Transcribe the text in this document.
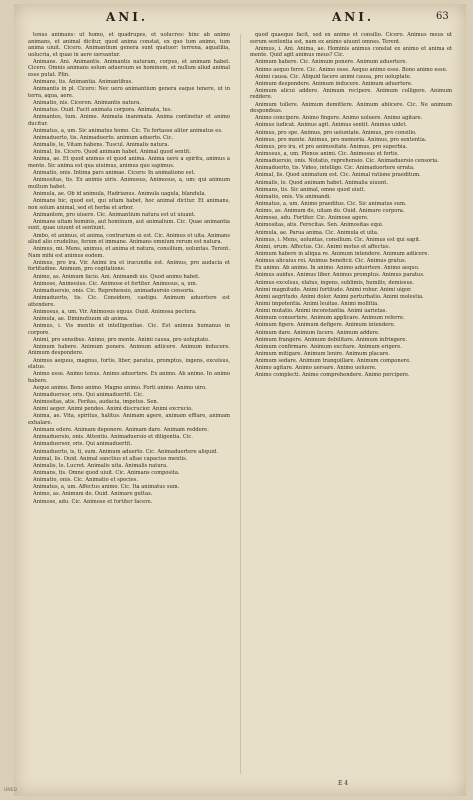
ANI.	ANI.	63

tenus animans: ut homo, et quadrupes, et uolucres: hinc ab animo animans, et animal dicitur, quod anima constat, ex quo tum animo, tum anima uiuit. Cicero. Animantium genera sunt quatuor: terrena, aquatilia, uolucria, et quae in aere uersantur.

Animans. Ani. Animantis. Animantis naturam, corpus, et animam habet. Cicero. Omnis animans solum aduersum se hominem, et nullum aliud animal esse putat. Plin.

Animans, tis. Animantia. Animantibus.

Animantis in pl. Cicero: Nec uero animantium genera eaque tenere, ut in terra, aqua, aere.

Animatio, nis. Ciceron. Animantis natura.

Animatus. Ouid. Facit animata corpora. Animata, tus.

Animantes, tum. Anime. Animata inanimata. Anima continetur et animo ducitur.

Animatus, a, um. Sic animatus homo. Cic. Tu fortasse aliter animatus es.

Animaduerto, tis. Animaduerto. animum aduerto. Cic.

Animalis, le, Vitam habens. Tuscul. Animalis natura.

Animal, lis. Cicero. Quod animam habet. Animal quod sentit.

Anima, ae. Et quod animus et quod anima. Anima uero a spiritu, animus a mente. Sic anima est qua uiuimus, animus quo sapimus.

Animatio, onis. Intima pars animae. Cicero: In animatione est.

Animositas, tis. Ex animis uiris. Animosus, Animosus, a, um: qui animum multum habet.

Animula, ae. Ob id animula, Hadrianus. Animula uagula, blandula.

Animans hic, quod est, qui uitam habet, hoc animal dicitur. Et animans, non solum animal, sed et herba et arbor.

Animantem, pro uiuere. Cic. Animantium natura est ut uiuant.

Animans uitam hominis, aut hominum, aut animalium. Cic. Quae animantia sunt, quae uiuunt et sentiunt.

Ambo, et animus, et anima, contrarium ei est. Cic. Animus et uita. Animans aliud alio crudelius, ferum et immane. Animans omnium rerum est natura.

Animus, mi. Mens, animus, et anima et natura, consilium, uoluntas. Terent. Nam mihi est animus eodem.

Animus, pro ira. Vir. Animi ira et iracundia est. Animus, pro audacia et fortitudine. Animum, pro cogitatione.

Animo, as. Animum facio. Ani. Animandi uis. Quod animo habet.

Animose, Animosius. Cic. Animose et fortiter. Animosus, a, um.

Animaduersio, onis. Cic. Reprehensio, animaduersio censoria.

Animaduerto, tis. Cic. Considero, castigo. Animum aduertere est attendere.

Animosus, a, um. Vir. Animosus equus. Ouid. Animosa pectora.

Animula, ae. Diminutiuum ab anima.

Animus, i. Vis mentis et intelligentiae. Cic. Est animus humanus in corpore.

Animi, pro sensibus. Animo, pro mente. Animi causa, pro uoluptate.

Animum habere. Animum ponere. Animum adiicere. Animum inducere. Animum despondere.

Animus aequus, magnus, fortis, liber, paratus, promptus, ingens, excelsus, elatus.

Animo esse. Animo tenus. Animo aduertere. Ex animo. Ab animo. In animo habere.

Aeque animo. Bono animo. Magno animo. Forti animo. Animo uiro.

Animaduersor, oris. Qui animaduertit. Cic.

Animositas, atis. Feritas, audacia, impetus. Sen.

Animi aeger. Animi pendeo. Animi discrucior. Animi excrucio.

Anima, ae. Vita, spiritus, halitus. Animam agere, animam efflare, animam exhalare.

Animam edere. Animam deponere. Animam dare. Animam reddere.

Animaduersio, onis. Attentio. Animaduersio et diligentia. Cic.

Animaduersor, oris. Qui animaduertit.

Animaduerto, is, ti, sum. Animum aduerto. Cic. Animaduertere aliquid.

Animal, lis. Ouid. Animal sanctius et altae capacius mentis.

Animalis, le. Lucret. Animalis uita. Animalis natura.

Animans, tis. Omne quod uiuit. Cic. Animans composita.

Animatio, onis. Cic. Animatio et species.

Animatus, a, um. Affectus animo. Cic. Ita animatus sum.

Animo, as. Animum do. Ouid. Animare guttas.

Animose, adu. Cic. Animose et fortiter facere.

quod quaeque facit, sed ex animo et consilio. Cicero. Animus meus ut eorum sententia est, nam ex animo uiuunt omnes. Terent.

Animus, i. Ani. Anima, ae. Hominis animus constat ex animo et anima et mente. Quid agit animus meus? Cic.

Animum habere. Cic. Animum ponere. Animum aduertere.

Animo aequo ferre. Cic. Animo esse. Aequo animo esse. Bono animo esse.

Animi causa. Cic. Aliquid facere animi causa, pro uoluptate.

Animum despondere. Animum inducere. Animum aduertere.

Animum alicui addere. Animum recipere. Animum colligere. Animum reddere.

Animum tollere. Animum demittere. Animum abiicere. Cic. Ne animum despondeas.

Animo concipere. Animo fingere. Animo uoluere. Animo agitare.

Animus iudicat. Animus agit. Animus sentit. Animus uidet.

Animus, pro spe. Animus, pro uoluntate. Animus, pro consilio.

Animus, pro mente. Animus, pro memoria. Animus, pro sententia.

Animus, pro ira, et pro animositate. Animus, pro superbia.

Animosus, a, um. Plenus animi. Cic. Animosus et fortis.

Animaduersio, onis. Notatio, reprehensio. Cic. Animaduersio censoria.

Animaduerto, tis. Video, intelligo. Cic. Animaduertere errata.

Animal, lis. Quod animatum est. Cic. Animal ratione praeditum.

Animalis, le. Quod animam habet. Animalia uiuunt.

Animans, tis. Sic animal, omne quod uiuit.

Animatio, onis. Vis animandi.

Animatus, a, um. Animo praeditus. Cic. Sic animatus sum.

Animo, as. Animum do, uitam do. Ouid. Animare corpora.

Animose, adu. Fortiter. Cic. Animose agere.

Animositas, atis. Ferocitas. Sen. Animositas equi.

Animula, ae. Parua anima. Cic. Animula et uita.

Animus, i. Mens, uoluntas, consilium. Cic. Animus est qui sapit.

Animi, orum. Affectus. Cic. Animi motus et affectus.

Animum habere in aliqua re. Animum intendere. Animum adiicere.

Animus alicuius rei. Animus beneficii. Cic. Animus gratus.

Ex animo. Ab animo. In animo. Animo aduertere. Animo aequo.

Animus auidus. Animus liber. Animus promptus. Animus paratus.

Animus excelsus, elatus, ingens, sublimis, humilis, demissus.

Animi magnitudo. Animi fortitudo. Animi robur. Animi uigor.

Animi aegritudo. Animi dolor. Animi perturbatio. Animi molestia.

Animi impotentia. Animi leuitas. Animi mollitia.

Animi mutatio. Animi inconstantia. Animi uarietas.

Animum conuertere. Animum applicare. Animum referre.

Animum figere. Animum defigere. Animum intendere.

Animum dare. Animum facere. Animum addere.

Animum frangere. Animum debilitare. Animum infringere.

Animum confirmare. Animum excitare. Animum erigere.

Animum mitigare. Animum lenire. Animum placare.

Animum sedare. Animum tranquillare. Animum componere.

Animo agitare. Animo uersare. Animo uoluere.

Animo complecti. Animo comprehendere. Animo percipere.

E 4
UNED
